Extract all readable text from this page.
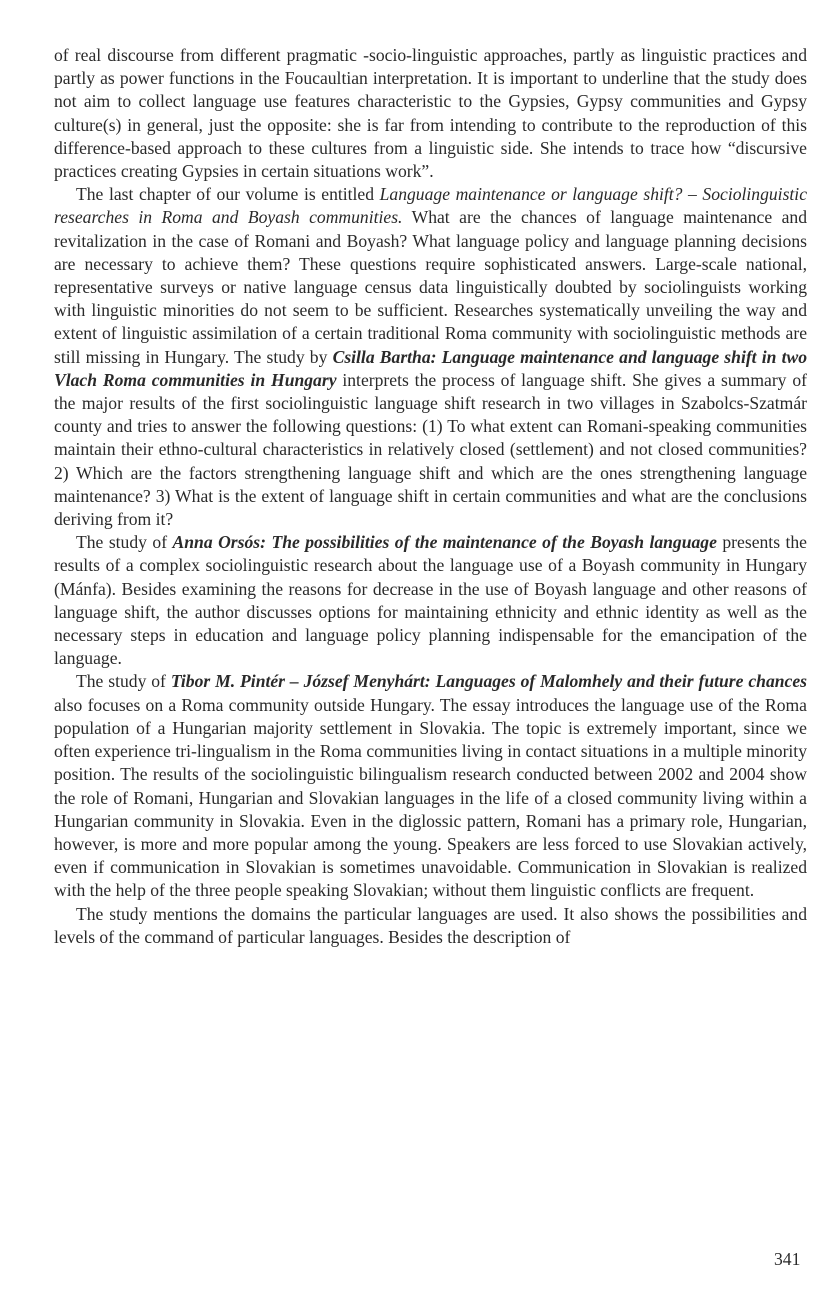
of real discourse from different pragmatic -socio-linguistic approaches, partly as linguistic practices and partly as power functions in the Foucaultian interpretation. It is important to underline that the study does not aim to collect language use features characteristic to the Gypsies, Gypsy communities and Gypsy culture(s) in general, just the opposite: she is far from intending to contribute to the reproduction of this difference-based approach to these cultures from a linguistic side. She intends to trace how “discursive practices creating Gypsies in certain situations work”.

The last chapter of our volume is entitled Language maintenance or language shift? – Sociolinguistic researches in Roma and Boyash communities. What are the chances of language maintenance and revitalization in the case of Romani and Boyash? What language policy and language planning decisions are necessary to achieve them? These questions require sophisticated answers. Large-scale national, representative surveys or native language census data linguistically doubted by sociolinguists working with linguistic minorities do not seem to be sufficient. Researches systematically unveiling the way and extent of linguistic assimilation of a certain traditional Roma community with sociolinguistic methods are still missing in Hungary. The study by Csilla Bartha: Language maintenance and language shift in two Vlach Roma communities in Hungary interprets the process of language shift. She gives a summary of the major results of the first sociolinguistic language shift research in two villages in Szabolcs-Szatmár county and tries to answer the following questions: (1) To what extent can Romani-speaking communities maintain their ethno-cultural characteristics in relatively closed (settlement) and not closed communities? 2) Which are the factors strengthening language shift and which are the ones strengthening language maintenance? 3) What is the extent of language shift in certain communities and what are the conclusions deriving from it?

The study of Anna Orsós: The possibilities of the maintenance of the Boyash language presents the results of a complex sociolinguistic research about the language use of a Boyash community in Hungary (Mánfa). Besides examining the reasons for decrease in the use of Boyash language and other reasons of language shift, the author discusses options for maintaining ethnicity and ethnic identity as well as the necessary steps in education and language policy planning indispensable for the emancipation of the language.

The study of Tibor M. Pintér – József Menyhárt: Languages of Malomhely and their future chances also focuses on a Roma community outside Hungary. The essay introduces the language use of the Roma population of a Hungarian majority settlement in Slovakia. The topic is extremely important, since we often experience tri-lingualism in the Roma communities living in contact situations in a multiple minority position. The results of the sociolinguistic bilingualism research conducted between 2002 and 2004 show the role of Romani, Hungarian and Slovakian languages in the life of a closed community living within a Hungarian community in Slovakia. Even in the diglossic pattern, Romani has a primary role, Hungarian, however, is more and more popular among the young. Speakers are less forced to use Slovakian actively, even if communication in Slovakian is sometimes unavoidable. Communication in Slovakian is realized with the help of the three people speaking Slovakian; without them linguistic conflicts are frequent.

The study mentions the domains the particular languages are used. It also shows the possibilities and levels of the command of particular languages. Besides the description of

341
